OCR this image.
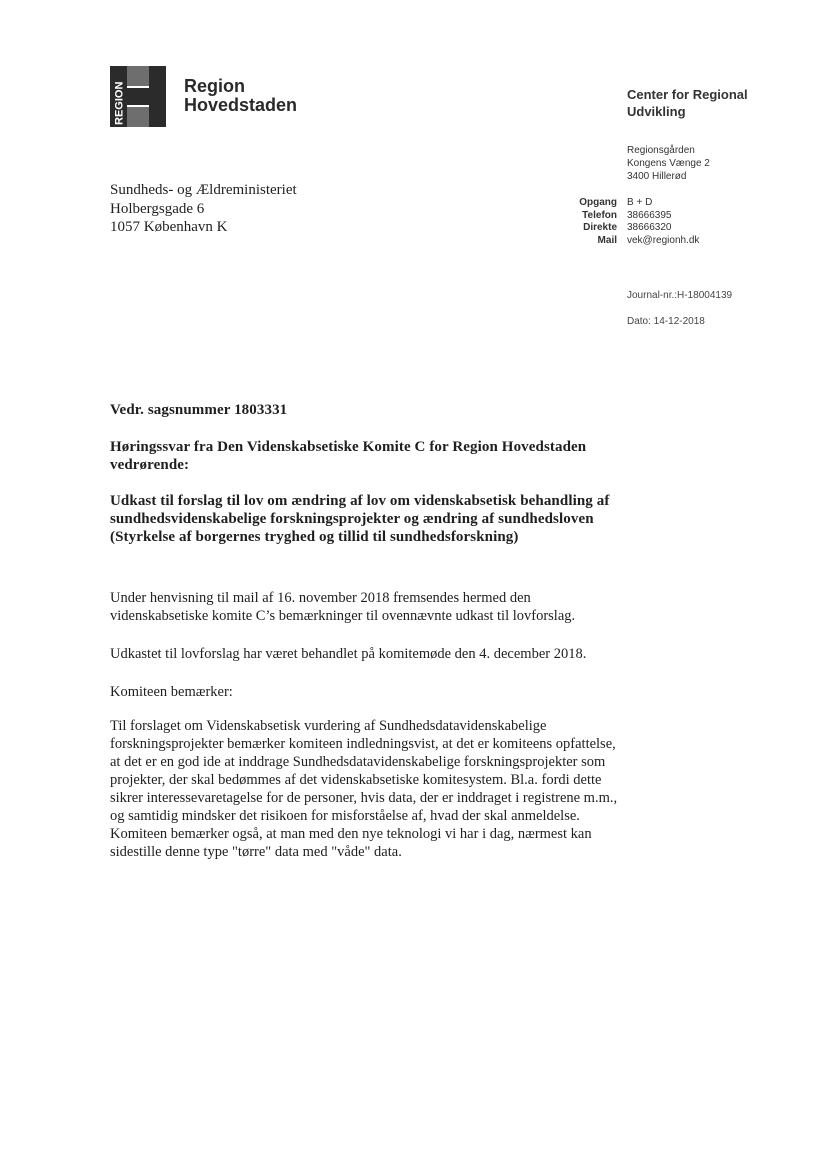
REGION	Region
Hovedstaden
Center for Regional
Udvikling
Regionsgården
Kongens Vænge 2
3400 Hillerød
Opgang	B + D
Telefon	38666395
Direkte	38666320
Mail	vek@regionh.dk
Journal-nr.:H-18004139
Dato: 14-12-2018
Sundheds- og Ældreministeriet
Holbergsgade 6
1057 København K
Vedr. sagsnummer 1803331
Høringssvar fra Den Videnskabsetiske Komite C for Region Hovedstaden vedrørende:
Udkast til forslag til lov om ændring af lov om videnskabsetisk behandling af sundhedsvidenskabelige forskningsprojekter og ændring af sundhedsloven (Styrkelse af borgernes tryghed og tillid til sundhedsforskning)
Under henvisning til mail af 16. november 2018 fremsendes hermed den videnskabsetiske komite C’s bemærkninger til ovennævnte udkast til lovforslag.
Udkastet til lovforslag har været behandlet på komitemøde den 4. december 2018.
Komiteen bemærker:
Til forslaget om Videnskabsetisk vurdering af Sundhedsdatavidenskabelige forskningsprojekter bemærker komiteen indledningsvist, at det er komiteens opfattelse, at det er en god ide at inddrage Sundhedsdatavidenskabelige forskningsprojekter som projekter, der skal bedømmes af det videnskabsetiske komitesystem. Bl.a. fordi dette sikrer interessevaretagelse for de personer, hvis data, der er inddraget i registrene m.m., og samtidig mindsker det risikoen for misforståelse af, hvad der skal anmeldelse. Komiteen bemærker også, at man med den nye teknologi vi har i dag, nærmest kan sidestille denne type "tørre" data med "våde" data.
